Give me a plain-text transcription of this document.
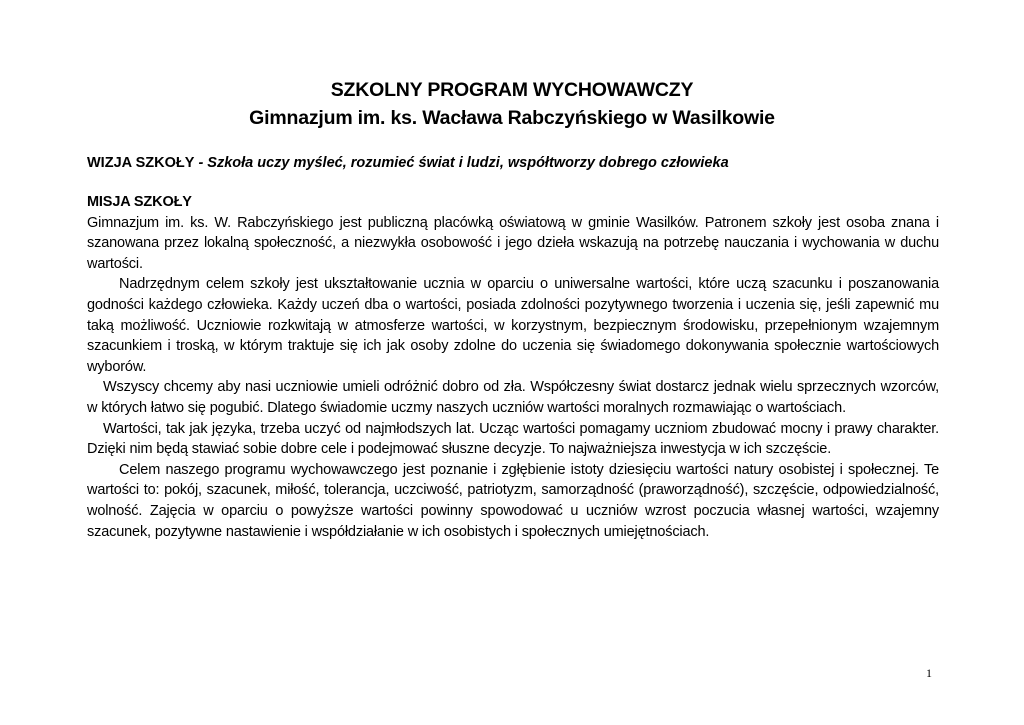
SZKOLNY PROGRAM WYCHOWAWCZY
Gimnazjum im. ks. Wacława Rabczyńskiego w Wasilkowie
WIZJA SZKOŁY - Szkoła uczy myśleć, rozumieć świat i ludzi, współtworzy dobrego człowieka

MISJA SZKOŁY

Gimnazjum im. ks. W. Rabczyńskiego jest publiczną placówką oświatową w gminie Wasilków. Patronem szkoły jest osoba znana i szanowana przez lokalną społeczność, a niezwykła osobowość i jego dzieła wskazują na potrzebę nauczania i wychowania w duchu wartości.

Nadrzędnym celem szkoły jest ukształtowanie ucznia w oparciu o uniwersalne wartości, które uczą szacunku i poszanowania godności każdego człowieka. Każdy uczeń dba o wartości, posiada zdolności pozytywnego tworzenia i uczenia się, jeśli zapewnić mu taką możliwość. Uczniowie rozkwitają w atmosferze wartości, w korzystnym, bezpiecznym środowisku, przepełnionym wzajemnym szacunkiem i troską, w którym traktuje się ich jak osoby zdolne do uczenia się świadomego dokonywania społecznie wartościowych wyborów.

Wszyscy chcemy aby nasi uczniowie umieli odróżnić dobro od zła. Współczesny świat dostarcz jednak wielu sprzecznych wzorców, w których łatwo się pogubić. Dlatego świadomie uczmy naszych uczniów wartości moralnych rozmawiając o wartościach.

Wartości, tak jak języka, trzeba uczyć od najmłodszych lat. Ucząc wartości pomagamy uczniom zbudować mocny i prawy charakter. Dzięki nim będą stawiać sobie dobre cele i podejmować słuszne decyzje. To najważniejsza inwestycja w ich szczęście.

Celem naszego programu wychowawczego jest poznanie i zgłębienie istoty dziesięciu wartości natury osobistej i społecznej. Te wartości to: pokój, szacunek, miłość, tolerancja, uczciwość, patriotyzm, samorządność (praworządność), szczęście, odpowiedzialność, wolność. Zajęcia w oparciu o powyższe wartości powinny spowodować u uczniów wzrost poczucia własnej wartości, wzajemny szacunek, pozytywne nastawienie i współdziałanie w ich osobistych i społecznych umiejętnościach.

1
